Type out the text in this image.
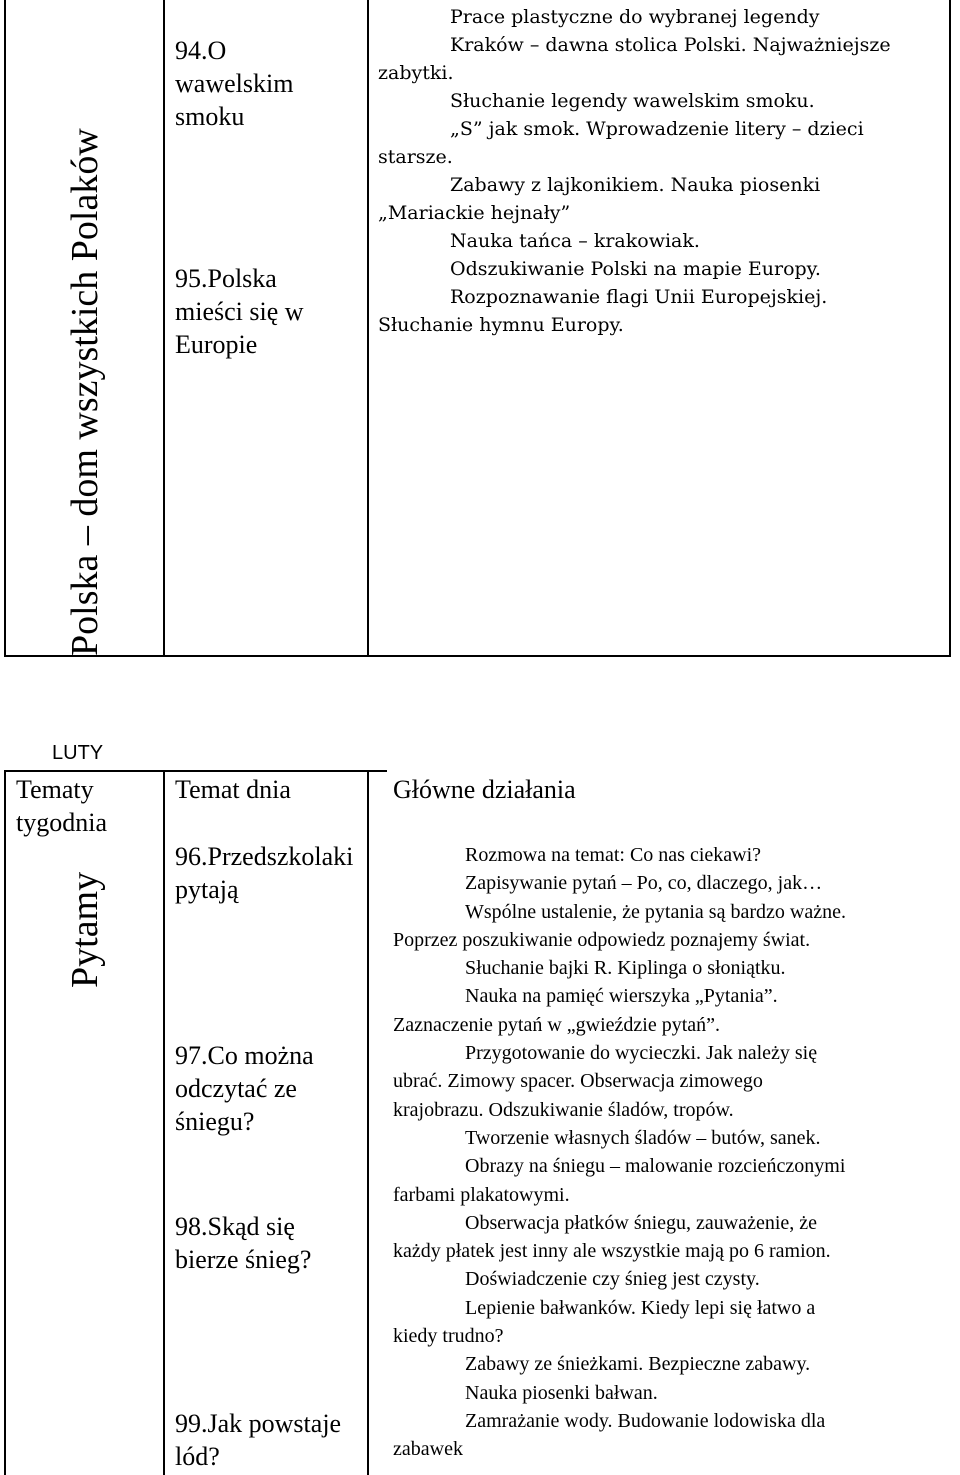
Polska – dom wszystkich Polaków
94.O wawelskim smoku
95.Polska mieści się w Europie
Prace plastyczne do wybranej legendy
Kraków – dawna stolica Polski. Najważniejsze
zabytki.
Słuchanie legendy wawelskim smoku.
„S” jak smok. Wprowadzenie litery – dzieci
starsze.
Zabawy z lajkonikiem. Nauka piosenki
„Mariackie hejnały”
Nauka tańca – krakowiak.
Odszukiwanie Polski na mapie Europy.
Rozpoznawanie flagi Unii Europejskiej.
Słuchanie hymnu Europy.
LUTY
Tematy tygodnia
Temat dnia	Główne działania
Pytamy
96.Przedszkolaki pytają
97.Co można odczytać ze śniegu?
98.Skąd się bierze śnieg?
99.Jak powstaje lód?
Rozmowa na temat: Co nas ciekawi?
Zapisywanie pytań – Po, co, dlaczego, jak…
Wspólne ustalenie, że pytania są bardzo ważne.
Poprzez poszukiwanie odpowiedz poznajemy świat.
Słuchanie bajki R. Kiplinga o słoniątku.
Nauka na pamięć wierszyka „Pytania”.
Zaznaczenie pytań w „gwieździe pytań”.
Przygotowanie do wycieczki. Jak należy się
ubrać. Zimowy spacer. Obserwacja zimowego
krajobrazu. Odszukiwanie śladów, tropów.
Tworzenie własnych śladów – butów, sanek.
Obrazy na śniegu – malowanie rozcieńczonymi
farbami plakatowymi.
Obserwacja płatków śniegu, zauważenie, że
każdy płatek jest inny ale wszystkie mają po 6 ramion.
Doświadczenie czy śnieg jest czysty.
Lepienie bałwanków. Kiedy lepi się łatwo a
kiedy trudno?
Zabawy ze śnieżkami. Bezpieczne zabawy.
Nauka piosenki bałwan.
Zamrażanie wody. Budowanie lodowiska dla
zabawek
